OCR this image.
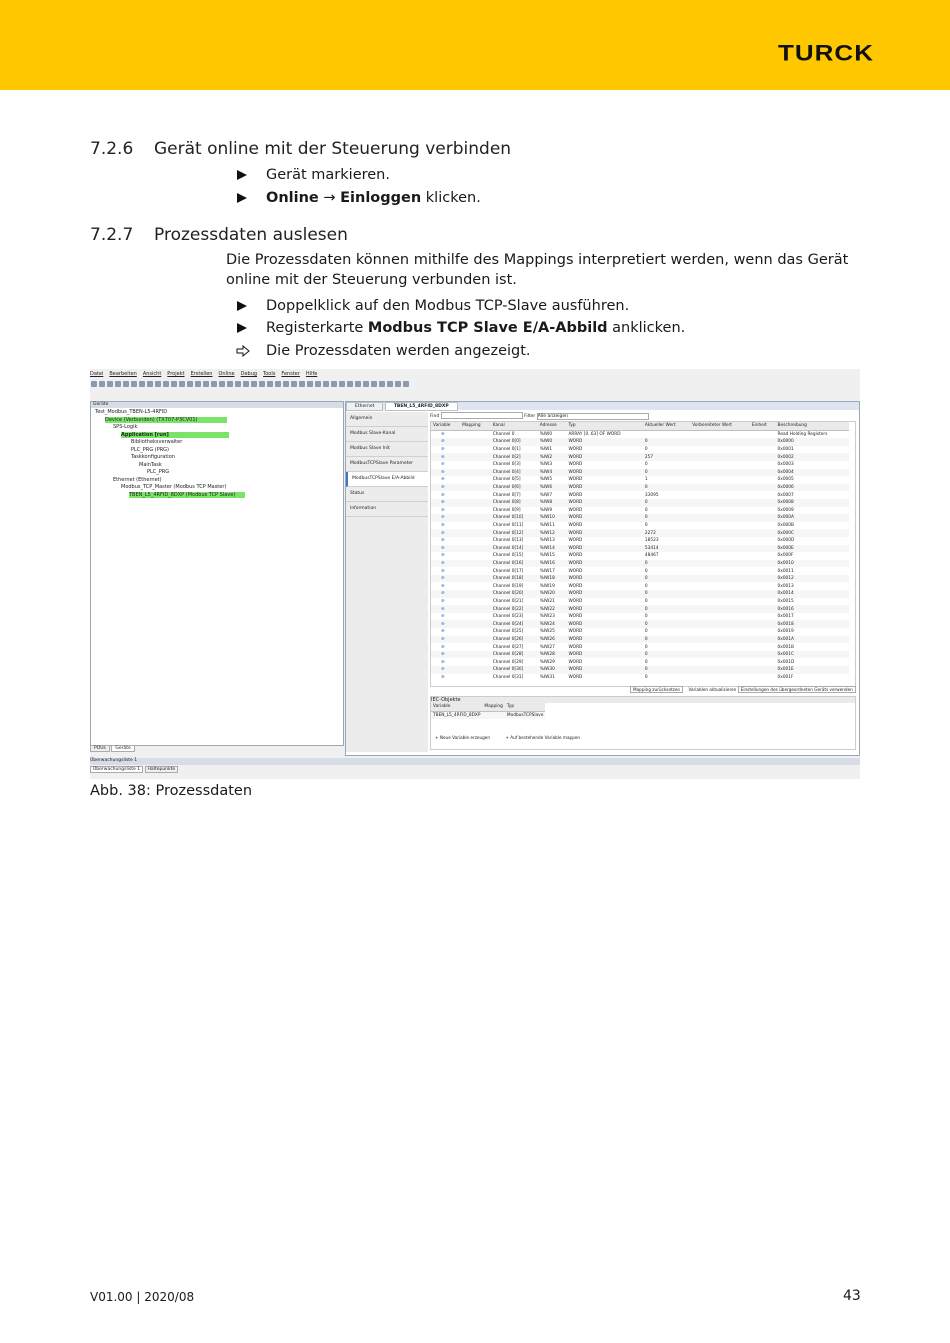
TURCK
7.2.6 Gerät online mit der Steuerung verbinden
Gerät markieren.
Online → Einloggen klicken.
7.2.7 Prozessdaten auslesen
Die Prozessdaten können mithilfe des Mappings interpretiert werden, wenn das Gerät online mit der Steuerung verbunden ist.
Doppelklick auf den Modbus TCP-Slave ausführen.
Registerkarte Modbus TCP Slave E/A-Abbild anklicken.
Die Prozessdaten werden angezeigt.
Datei Bearbeiten Ansicht Projekt Erstellen Online Debug Tools Fenster Hilfe
Geräte
Test_Modbus_TBEN-L5-4RFID
Device (Verbunden) (TX707-P3CV01)
SPS-Logik
Application [run]
Bibliotheksverwalter
PLC_PRG (PRG)
Taskkonfiguration
MainTask
PLC_PRG
Ethernet (Ethernet)
Modbus_TCP_Master (Modbus TCP Master)
TBEN_L5_4RFID_8DXP (Modbus TCP Slave)
Ethernet	TBEN_L5_4RFID_8DXP
Allgemein
Modbus Slave-Kanal
Modbus Slave Init
ModbusTCPSlave Parameter
ModbusTCPSlave E/A-Abbild
Status
Information
Find	Filter Alle anzeigen
Variable	Mapping	Kanal	Adresse	Typ	Aktueller Wert	Vorbereiteter Wert	Einheit	Beschreibung
⊕		Channel 0	%IW0	ARRAY [0..63] OF WORD				Read Holding Registers
⊕		Channel 0[0]	%IW0	WORD	0			0x0000
⊕		Channel 0[1]	%IW1	WORD	0			0x0001
⊕		Channel 0[2]	%IW2	WORD	257			0x0002
⊕		Channel 0[3]	%IW3	WORD	0			0x0003
⊕		Channel 0[4]	%IW4	WORD	0			0x0004
⊕		Channel 0[5]	%IW5	WORD	1			0x0005
⊕		Channel 0[6]	%IW6	WORD	0			0x0006
⊕		Channel 0[7]	%IW7	WORD	33095			0x0007
⊕		Channel 0[8]	%IW8	WORD	0			0x0008
⊕		Channel 0[9]	%IW9	WORD	0			0x0009
⊕		Channel 0[10]	%IW10	WORD	0			0x000A
⊕		Channel 0[11]	%IW11	WORD	0			0x000B
⊕		Channel 0[12]	%IW12	WORD	2272			0x000C
⊕		Channel 0[13]	%IW13	WORD	18523			0x000D
⊕		Channel 0[14]	%IW14	WORD	53414			0x000E
⊕		Channel 0[15]	%IW15	WORD	48467			0x000F
⊕		Channel 0[16]	%IW16	WORD	0			0x0010
⊕		Channel 0[17]	%IW17	WORD	0			0x0011
⊕		Channel 0[18]	%IW18	WORD	0			0x0012
⊕		Channel 0[19]	%IW19	WORD	0			0x0013
⊕		Channel 0[20]	%IW20	WORD	0			0x0014
⊕		Channel 0[21]	%IW21	WORD	0			0x0015
⊕		Channel 0[22]	%IW22	WORD	0			0x0016
⊕		Channel 0[23]	%IW23	WORD	0			0x0017
⊕		Channel 0[24]	%IW24	WORD	0			0x0018
⊕		Channel 0[25]	%IW25	WORD	0			0x0019
⊕		Channel 0[26]	%IW26	WORD	0			0x001A
⊕		Channel 0[27]	%IW27	WORD	0			0x001B
⊕		Channel 0[28]	%IW28	WORD	0			0x001C
⊕		Channel 0[29]	%IW29	WORD	0			0x001D
⊕		Channel 0[30]	%IW30	WORD	0			0x001E
⊕		Channel 0[31]	%IW31	WORD	0			0x001F
Mapping zurücksetzen Variablen aktualisieren Einstellungen des übergeordneten Geräts verwenden
IEC-Objekte
Variable	Mapping	Typ
TBEN_L5_4RFID_8DXP		ModbusTCPSlave
+ Neue Variable erzeugen	+ Auf bestehende Variable mappen
POUs Geräte
Überwachungsliste 1
Überwachungsliste 1 Haltepunkte
Abb. 38: Prozessdaten
V01.00 | 2020/08	43
